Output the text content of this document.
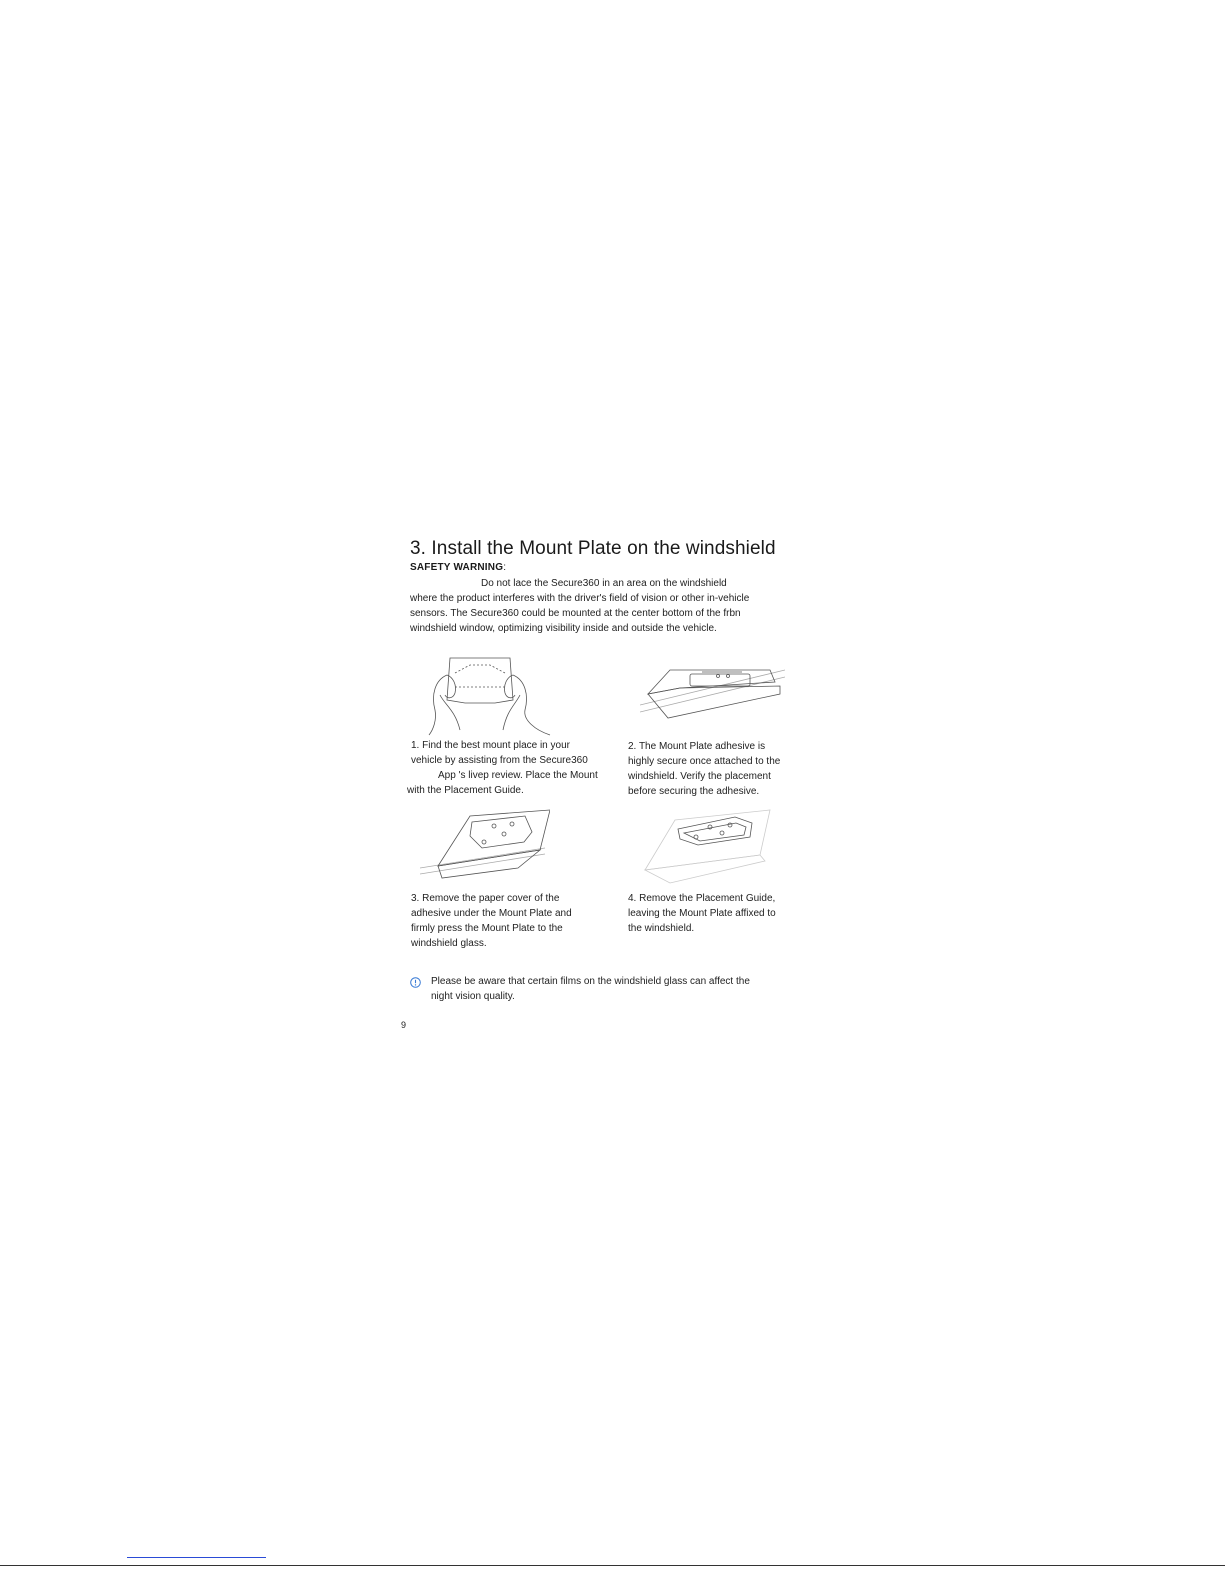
3. Install the Mount Plate on the windshield
SAFETY WARNING:
Do not lace the Secure360 in an area on the windshield
where the product interferes with the driver's field of vision or other in-vehicle
sensors. The Secure360 could be mounted at the center bottom of the frbn
windshield window, optimizing visibility inside and outside the vehicle.
1. Find the best mount place in your
vehicle by assisting from the Secure360
App 's livep review. Place the Mount
with the Placement Guide.
2. The Mount Plate adhesive is
highly secure once attached to the
windshield. Verify the placement
before securing the adhesive.
3. Remove the paper cover of the
adhesive under the Mount Plate and
firmly press the Mount Plate to the
windshield glass.
4. Remove the Placement Guide,
leaving the Mount Plate affixed to
the windshield.
Please be aware that certain films on the windshield glass can affect the
night vision quality.
9
